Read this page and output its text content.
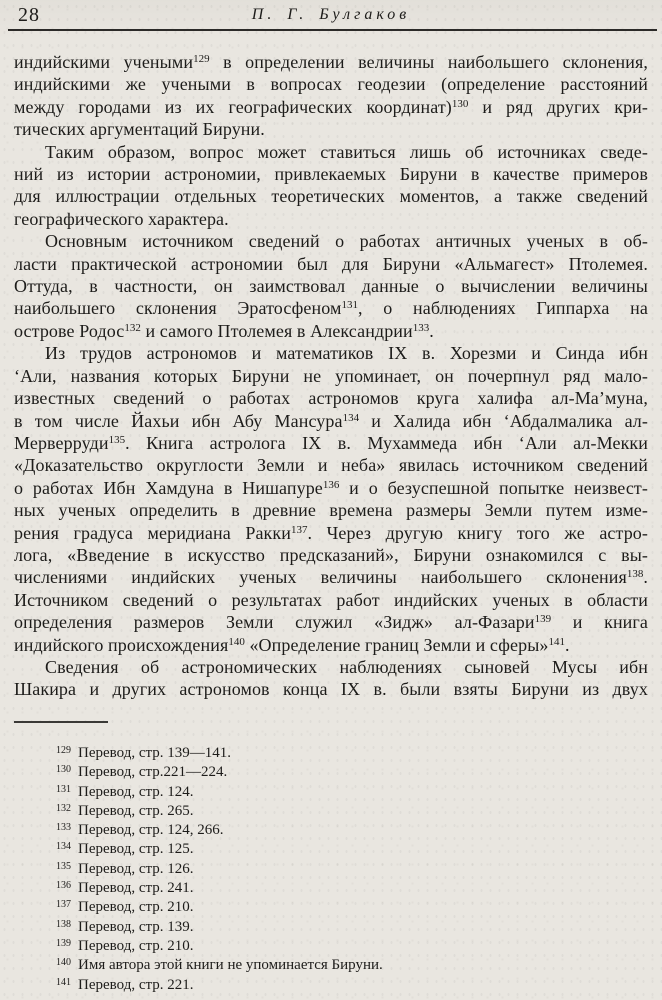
28	П. Г. Булгаков
индийскими учеными$^{129}$ в определении величины наибольшего склонения,
индийскими же учеными в вопросах геодезии (определение расстояний
между городами из их географических координат)$^{130}$ и ряд других кри-
тических аргументаций Бируни.
Таким образом, вопрос может ставиться лишь об источниках сведе-
ний из истории астрономии, привлекаемых Бируни в качестве примеров
для иллюстрации отдельных теоретических моментов, а также сведений
географического характера.
Основным источником сведений о работах античных ученых в об-
ласти практической астрономии был для Бируни «Альмагест» Птолемея.
Оттуда, в частности, он заимствовал данные о вычислении величины
наибольшего склонения Эратосфеном$^{131}$, о наблюдениях Гиппарха на
острове Родос$^{132}$ и самого Птолемея в Александрии$^{133}$.
Из трудов астрономов и математиков IX в. Хорезми и Синда ибн
‘Али, названия которых Бируни не упоминает, он почерпнул ряд мало-
известных сведений о работах астрономов круга халифа ал-Ма’муна,
в том числе Йахьи ибн Абу Мансура$^{134}$ и Халида ибн ‘Абдалмалика ал-
Мерверруди$^{135}$. Книга астролога IX в. Мухаммеда ибн ‘Али ал-Мекки
«Доказательство округлости Земли и неба» явилась источником сведений
о работах Ибн Хамдуна в Нишапуре$^{136}$ и о безуспешной попытке неизвест-
ных ученых определить в древние времена размеры Земли путем изме-
рения градуса меридиана Ракки$^{137}$. Через другую книгу того же астро-
лога, «Введение в искусство предсказаний», Бируни ознакомился с вы-
числениями индийских ученых величины наибольшего склонения$^{138}$.
Источником сведений о результатах работ индийских ученых в области
определения размеров Земли служил «Зидж» ал-Фазари$^{139}$ и книга
индийского происхождения$^{140}$ «Определение границ Земли и сферы»$^{141}$.
Сведения об астрономических наблюдениях сыновей Мусы ибн
Шакира и других астрономов конца IX в. были взяты Бируни из двух
$^{129}$ Перевод, стр. 139—141.
$^{130}$ Перевод, стр.221—224.
$^{131}$ Перевод, стр. 124.
$^{132}$ Перевод, стр. 265.
$^{133}$ Перевод, стр. 124, 266.
$^{134}$ Перевод, стр. 125.
$^{135}$ Перевод, стр. 126.
$^{136}$ Перевод, стр. 241.
$^{137}$ Перевод, стр. 210.
$^{138}$ Перевод, стр. 139.
$^{139}$ Перевод, стр. 210.
$^{140}$ Имя автора этой книги не упоминается Бируни.
$^{141}$ Перевод, стр. 221.
